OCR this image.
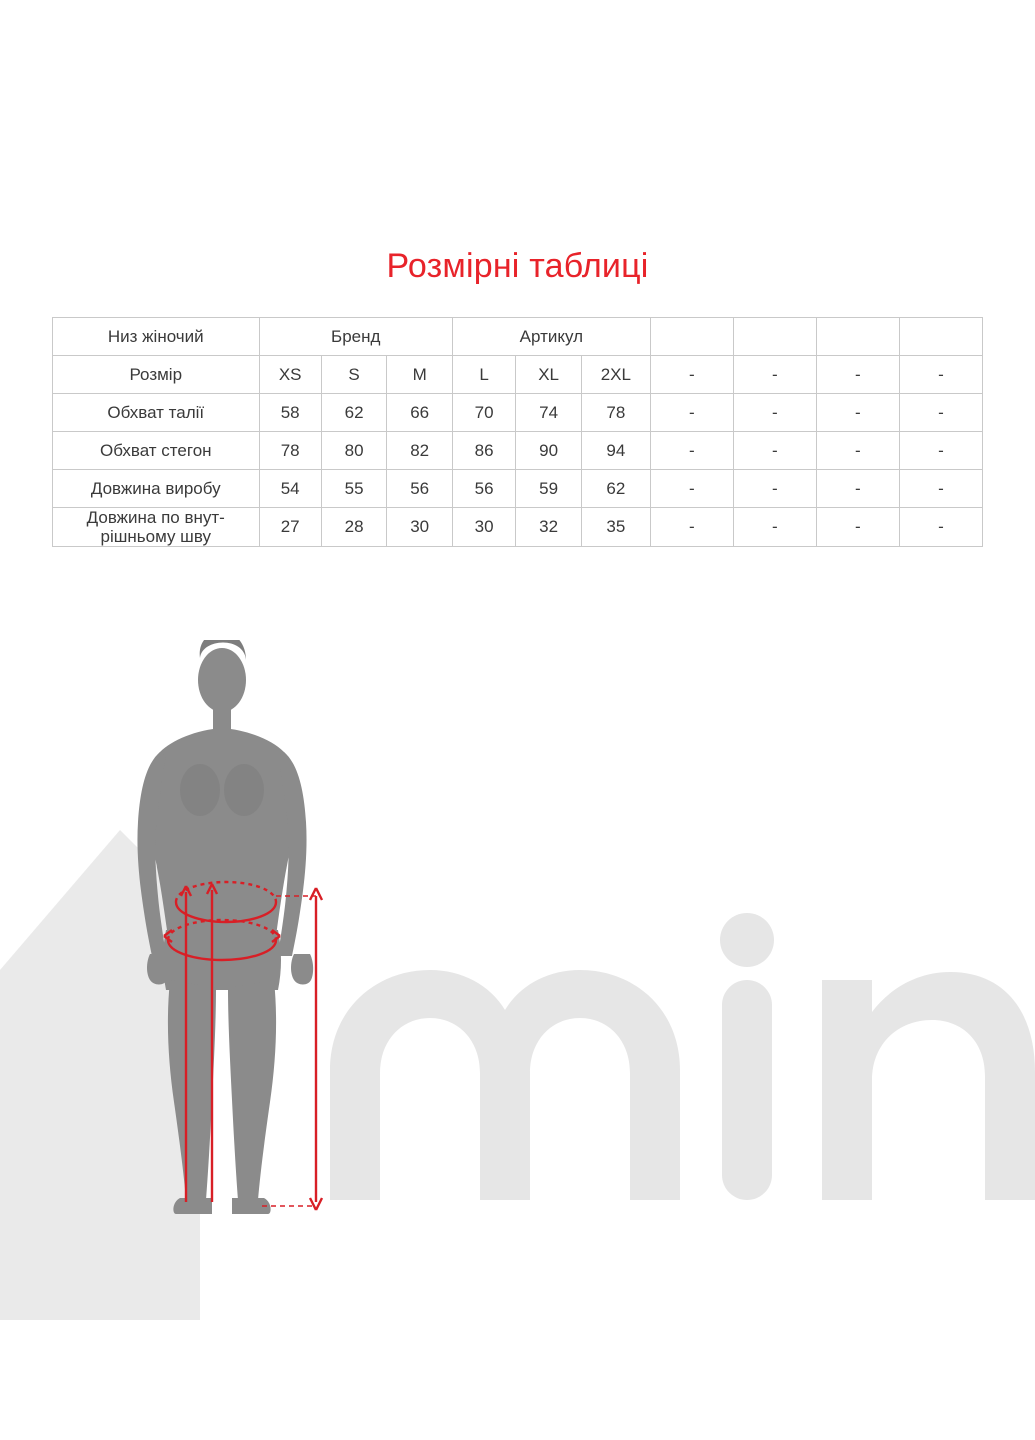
Розмірні таблиці
Низ жіночий	Бренд			Артикул						
Розмір	XS	S	M	L	XL	2XL	-	-	-	-
Обхват талії	58	62	66	70	74	78	-	-	-	-
Обхват стегон	78	80	82	86	90	94	-	-	-	-
Довжина виробу	54	55	56	56	59	62	-	-	-	-

Довжина по внут-
рішньому шву	27	28	30	30	32	35	-	-	-	-
